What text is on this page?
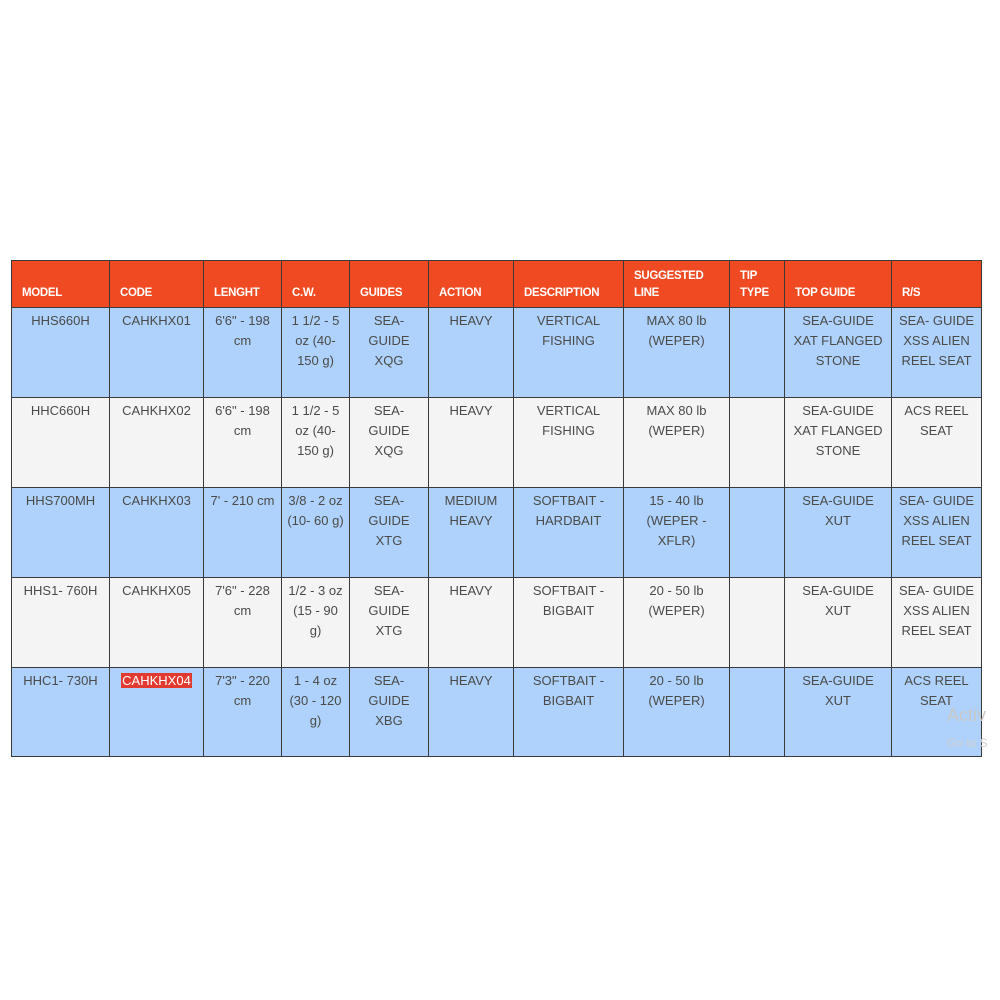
MODEL	CODE	LENGHT	C.W.	GUIDES	ACTION	DESCRIPTION	SUGGESTED LINE	TIP TYPE	TOP GUIDE	R/S
HHS660H	CAHKHX01	6'6" - 198 cm	1 1/2 - 5 oz (40- 150 g)	SEA- GUIDE XQG	HEAVY	VERTICAL FISHING	MAX 80 lb (WEPER)		SEA-GUIDE XAT FLANGED STONE	SEA- GUIDE XSS ALIEN REEL SEAT
HHC660H	CAHKHX02	6'6" - 198 cm	1 1/2 - 5 oz (40- 150 g)	SEA- GUIDE XQG	HEAVY	VERTICAL FISHING	MAX 80 lb (WEPER)		SEA-GUIDE XAT FLANGED STONE	ACS REEL SEAT
HHS700MH	CAHKHX03	7' - 210 cm	3/8 - 2 oz (10- 60 g)	SEA- GUIDE XTG	MEDIUM HEAVY	SOFTBAIT - HARDBAIT	15 - 40 lb (WEPER - XFLR)		SEA-GUIDE XUT	SEA- GUIDE XSS ALIEN REEL SEAT
HHS1- 760H	CAHKHX05	7'6" - 228 cm	1/2 - 3 oz (15 - 90 g)	SEA- GUIDE XTG	HEAVY	SOFTBAIT - BIGBAIT	20 - 50 lb (WEPER)		SEA-GUIDE XUT	SEA- GUIDE XSS ALIEN REEL SEAT
HHC1- 730H	CAHKHX04	7'3" - 220 cm	1 - 4 oz (30 - 120 g)	SEA- GUIDE XBG	HEAVY	SOFTBAIT - BIGBAIT	20 - 50 lb (WEPER)		SEA-GUIDE XUT	ACS REEL SEAT
Activ
Go to S
